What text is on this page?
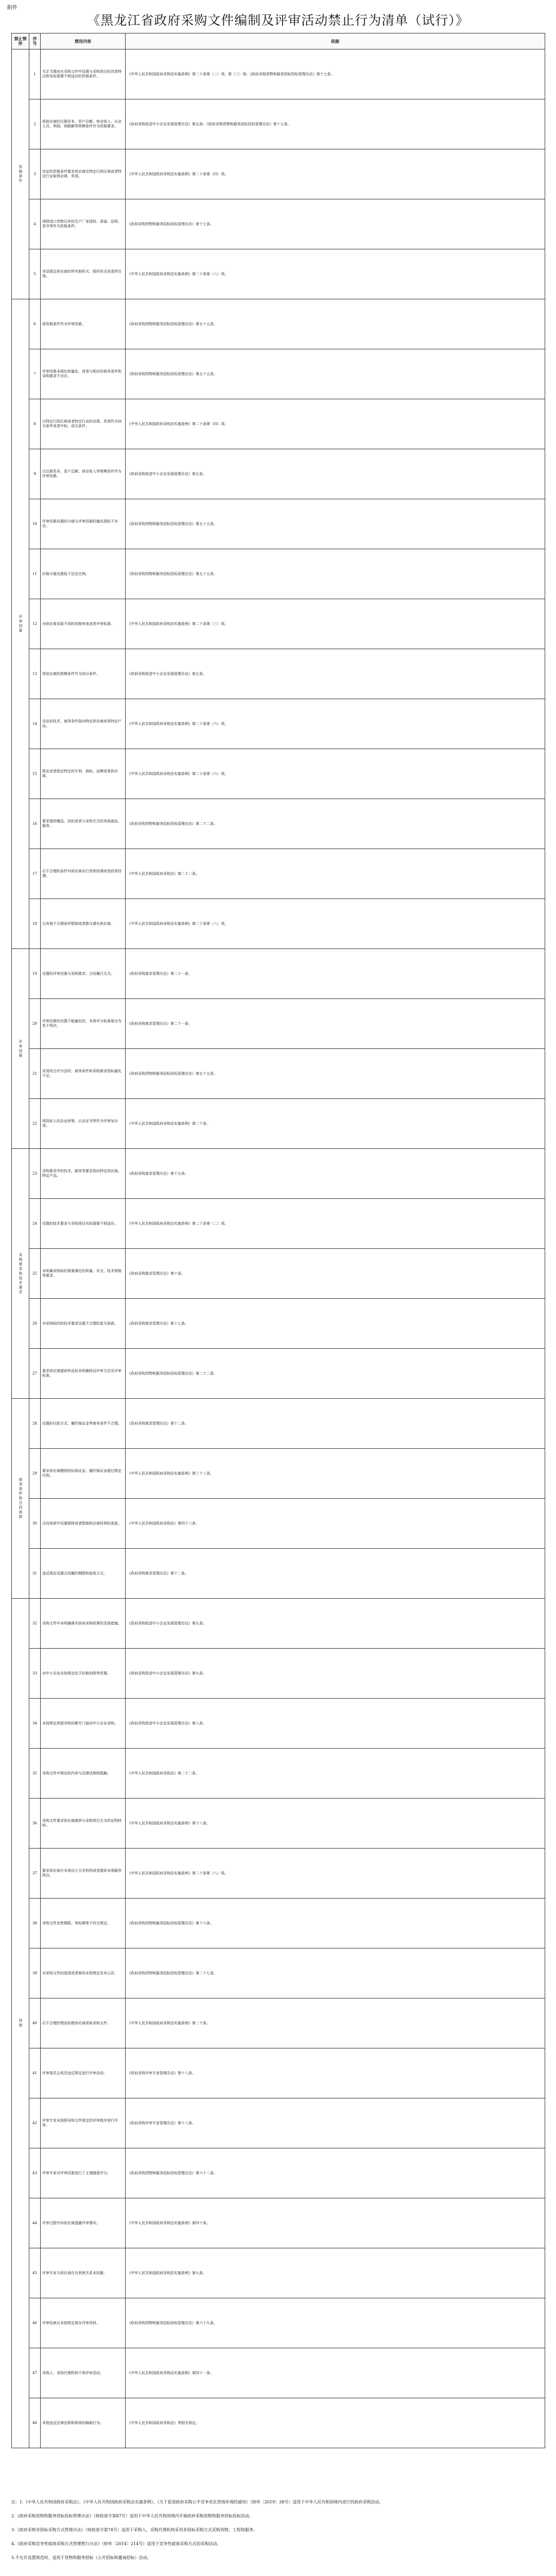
附件
《黑龙江省政府采购文件编制及评审活动禁止行为清单（试行）》
禁止情形	序号	禁用内容	依据
资格条件	1	无正当理由在采购文件中设置与采购项目的具体特点和实际需要不相适应的资格条件。	《中华人民共和国政府采购法实施条例》第二十条第（二）项、第（三）项；《政府采购货物和服务招标投标管理办法》第十七条。
	2	将供应商的注册资本、资产总额、营业收入、从业人员、利润、纳税额等规模条件作为资格要求。	《政府采购促进中小企业发展管理办法》第五条；《政府采购货物和服务招标投标管理办法》第十七条。
	3	设定的资格条件要求供应商在特定行政区域或者特定行业取得业绩、奖项。	《中华人民共和国政府采购法实施条例》第二十条第（四）项。
	4	将除进口货物以外的生产厂家授权、承诺、证明、背书等作为资格条件。	《政府采购货物和服务招标投标管理办法》第十七条。
	5	非法限定供应商的所有制形式、组织形式或者所在地。	《中华人民共和国政府采购法实施条例》第二十条第（八）项。
评审因素	6	将资格条件作为评审因素。	《政府采购货物和服务招标投标管理办法》第五十五条。
	7	评审因素未细化和量化，或者与相应的商务条件和采购需求不对应。	《政府采购货物和服务招标投标管理办法》第五十五条。
	8	以特定行政区域或者特定行业的业绩、奖项作为加分条件或者中标、成交条件。	《中华人民共和国政府采购法实施条例》第二十条第（四）项。
	9	以注册资本、资产总额、营业收入等规模条件作为评审因素。	《政府采购促进中小企业发展管理办法》第五条。
	10	评审因素设置的分值与评审因素的量化指标不对应。	《政府采购货物和服务招标投标管理办法》第五十五条。
	11	价格分值设置低于法定比例。	《政府采购货物和服务招标投标管理办法》第五十五条。
	12	对供应商采取不同的资格审查或者评审标准。	《中华人民共和国政府采购法实施条例》第二十条第（三）项。
	13	将供应商的规模条件作为加分条件。	《政府采购促进中小企业发展管理办法》第五条。
	14	设定的技术、商务条件指向特定供应商或者特定产品。	《中华人民共和国政府采购法实施条例》第二十条第（六）项。
	15	限定或者指定特定的专利、商标、品牌或者供应商。	《中华人民共和国政府采购法实施条例》第二十条第（六）项。
	16	要求提供赠品、回扣或者与采购无关的其他商品、服务。	《政府采购货物和服务招标投标管理办法》第二十二条。
	17	以不合理的条件对供应商实行差别待遇或者歧视待遇。	《中华人民共和国政府采购法》第二十二条。
	18	以其他不合理条件限制或者排斥潜在供应商。	《中华人民共和国政府采购法实施条例》第二十条第（八）项。
评审因素	19	设置的评审因素与采购需求、合同履行无关。	《政府采购需求管理办法》第二十一条。
	20	评审因素的设置不能量化的，未将评分标准细分为若干档次。	《政府采购需求管理办法》第二十一条。
	21	采用综合评分法时，商务条件和采购需求指标量化不足。	《政府采购货物和服务招标投标管理办法》第五十五条。
	22	将投标人的企业荣誉、认证证书等作为评审加分项。	《中华人民共和国政府采购法实施条例》第二十条。
采购需求和技术要求	23	采购需求中的技术、服务等要求指向特定供应商、特定产品。	《政府采购需求管理办法》第十五条。
	24	设置的技术要求与采购项目实际需要不相适应。	《中华人民共和国政府采购法实施条例》第二十条第（二）项。
	25	未明确采购标的需要满足的质量、安全、技术规格等要求。	《政府采购需求管理办法》第十条。
	26	对采购标的的技术要求设置不合理的星号条款。	《政府采购需求管理办法》第十七条。
	27	要求供应商提供样品但未明确样品评审方法及评审标准。	《政府采购货物和服务招标投标管理办法》第二十二条。
商务条件和合同条款	28	设置的付款方式、履约保证金等商务条件不合理。	《政府采购需求管理办法》第十二条。
	29	要求供应商缴纳投标保证金、履约保证金超过规定比例。	《中华人民共和国政府采购法实施条例》第三十三条。
	30	合同条款中设置排除或者限制供应商权利的条款。	《中华人民共和国政府采购法》第四十三条。
	31	违反规定设置合同履约期限和验收方式。	《政府采购需求管理办法》第十二条。
其他	32	采购文件中未明确落实政府采购政策的具体措施。	《政府采购促进中小企业发展管理办法》第九条。
	33	对中小企业未按规定给予价格扣除等优惠。	《政府采购促进中小企业发展管理办法》第九条。
	34	未按规定预留采购份额专门面向中小企业采购。	《政府采购促进中小企业发展管理办法》第八条。
	35	采购文件中规定的内容与法律法规相抵触。	《中华人民共和国政府采购法》第二十二条。
	36	采购文件要求供应商提供与采购项目无关的证明材料。	《中华人民共和国政府采购法实施条例》第十八条。
	37	要求供应商在本地设立分支机构或者提供本地服务网点。	《中华人民共和国政府采购法实施条例》第二十条第（八）项。
	38	采购文件发售期限、等标期等不符合规定。	《政府采购货物和服务招标投标管理办法》第十六条。
	39	对采购文件的澄清或者修改未按规定发布公告。	《政府采购货物和服务招标投标管理办法》第二十七条。
	40	以不合理的理由拒绝供应商获取采购文件。	《中华人民共和国政府采购法实施条例》第二十条。
	41	评审委员会成员违反规定进行评审活动。	《政府采购评审专家管理办法》第十八条。
	42	评审专家未按照采购文件规定的评审程序进行评审。	《政府采购评审专家管理办法》第十八条。
	43	评审专家对评审因素进行了主观随意评分。	《政府采购货物和服务招标投标管理办法》第六十二条。
	44	评审过程中向供应商透露评审情况。	《中华人民共和国政府采购法实施条例》第四十条。
	45	评审专家与供应商存在利害关系未回避。	《中华人民共和国政府采购法实施条例》第九条。
	46	评审结束后未按规定保存评审资料。	《政府采购货物和服务招标投标管理办法》第六十九条。
	47	采购人、采购代理机构干预评审活动。	《中华人民共和国政府采购法实施条例》第四十一条。
	48	其他违反法律法规和规章的编制行为。	《中华人民共和国政府采购法》等相关规定。

注：1.《中华人民共和国政府采购法》、《中华人民共和国政府采购法实施条例》、《关于促进政府采购公平竞争优化营商环境的通知》（财库〔2019〕38号）适用于中华人民共和国境内进行的政府采购活动。

2.《政府采购货物和服务招标投标管理办法》（财政部令第87号）适用于中华人民共和国境内开展政府采购货物和服务招标投标活动。

3.《政府采购非招标采购方式管理办法》（财政部令第74号）适用于采购人、采购代理机构采用非招标采购方式采购货物、工程和服务。

4.《政府采购竞争性磋商采购方式管理暂行办法》（财库〔2014〕214号）适用于竞争性磋商采购方式的采购活动。

5.不允许设置规范时，适用于货物和服务招标（公开招标和邀请招标）活动。
